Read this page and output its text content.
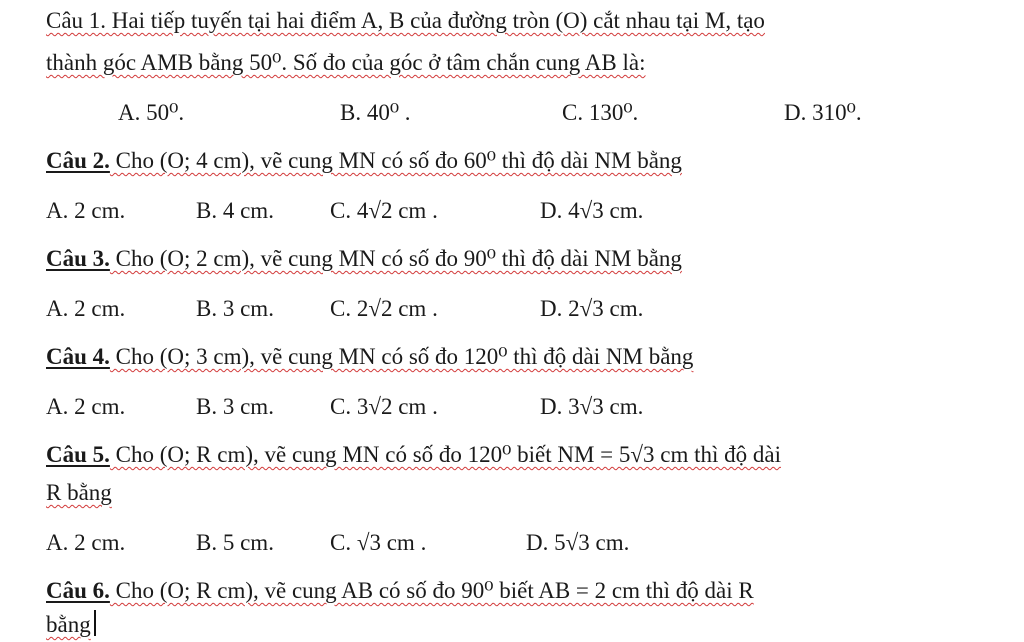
Câu 1. Hai tiếp tuyến tại hai điểm A, B của đường tròn (O) cắt nhau tại M, tạo
thành góc AMB bằng 50⁰. Số đo của góc ở tâm chắn cung AB là:
A. 50⁰.	B. 40⁰ .	C. 130⁰.	D. 310⁰.
Câu 2. Cho (O; 4 cm), vẽ cung MN có số đo 60⁰ thì độ dài NM bằng
A. 2 cm.	B. 4 cm. C. 4√2 cm .	D. 4√3 cm.
Câu 3. Cho (O; 2 cm), vẽ cung MN có số đo 90⁰ thì độ dài NM bằng
A. 2 cm.	B. 3 cm. C. 2√2 cm .	D. 2√3 cm.
Câu 4. Cho (O; 3 cm), vẽ cung MN có số đo 120⁰ thì độ dài NM bằng
A. 2 cm.	B. 3 cm. C. 3√2 cm .	D. 3√3 cm.
Câu 5. Cho (O; R cm), vẽ cung MN có số đo 120⁰ biết NM = 5√3 cm thì độ dài
R bằng
A. 2 cm.	B. 5 cm. C. √3 cm .	D. 5√3 cm.
Câu 6. Cho (O; R cm), vẽ cung AB có số đo 90⁰ biết AB = 2 cm thì độ dài R
bằng
